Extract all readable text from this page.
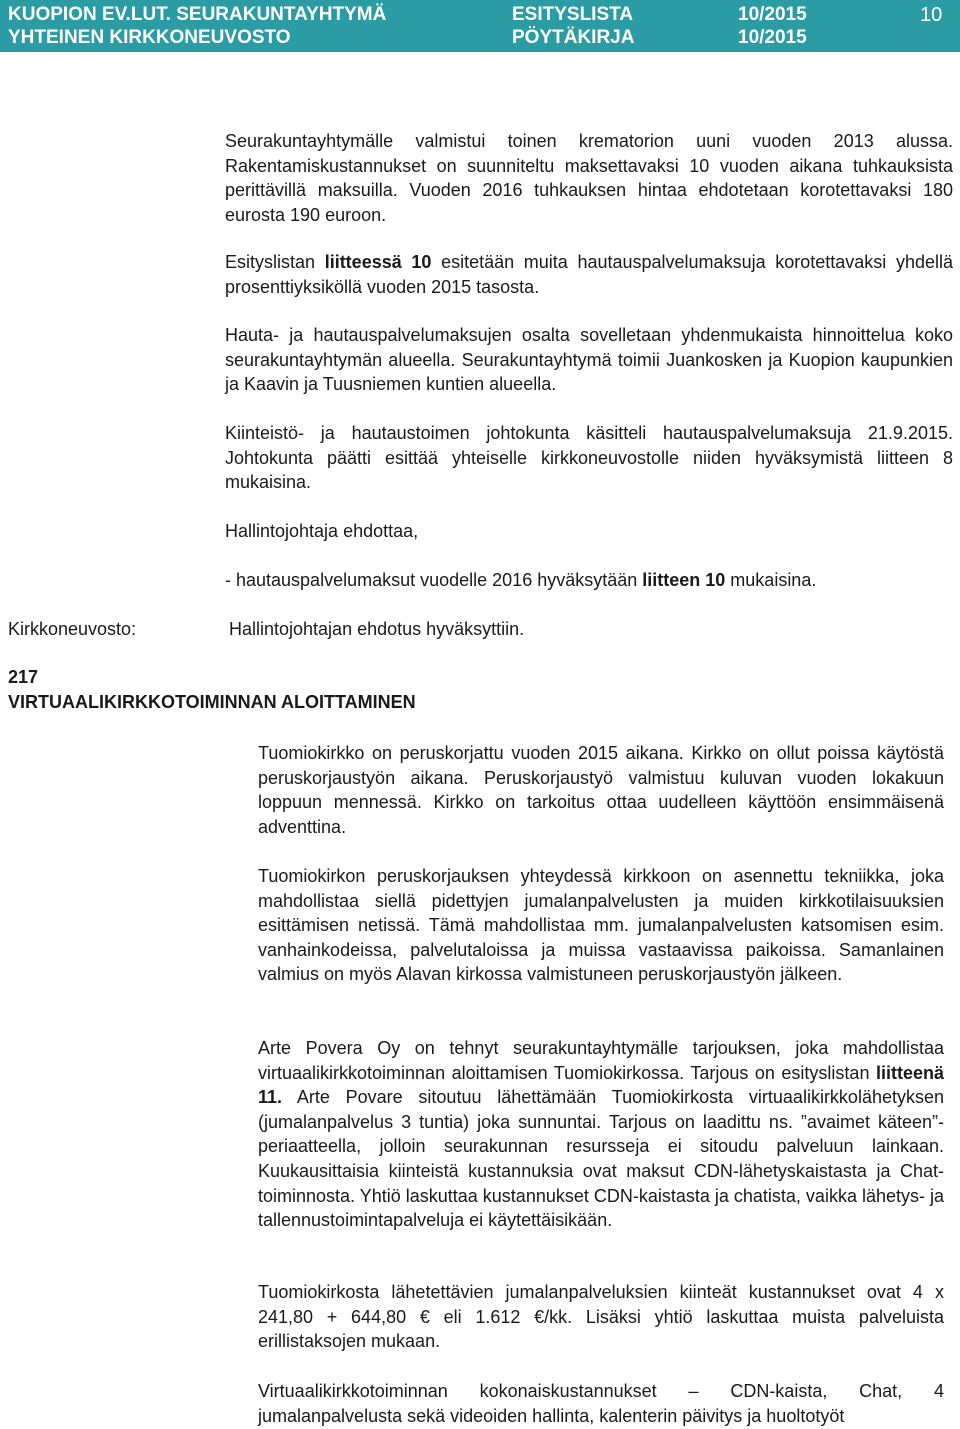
KUOPION EV.LUT. SEURAKUNTAYHTYMÄ
YHTEINEN KIRKKONEUVOSTO
ESITYSLISTA
PÖYTÄKIRJA
10/2015
10/2015
10

Seurakuntayhtymälle valmistui toinen krematorion uuni vuoden 2013 alussa. Rakentamiskustannukset on suunniteltu maksettavaksi 10 vuoden aikana tuhkauksista perittävillä maksuilla. Vuoden 2016 tuhkauksen hintaa ehdotetaan korotettavaksi 180 eurosta 190 euroon.

Esityslistan liitteessä 10 esitetään muita hautauspalvelumaksuja korotettavaksi yhdellä prosenttiyksiköllä vuoden 2015 tasosta.

Hauta- ja hautauspalvelumaksujen osalta sovelletaan yhdenmukaista hinnoittelua koko seurakuntayhtymän alueella. Seurakuntayhtymä toimii Juankosken ja Kuopion kaupunkien ja Kaavin ja Tuusniemen kuntien alueella.

Kiinteistö- ja hautaustoimen johtokunta käsitteli hautauspalvelumaksuja 21.9.2015. Johtokunta päätti esittää yhteiselle kirkkoneuvostolle niiden hyväksymistä liitteen 8 mukaisina.

Hallintojohtaja ehdottaa,

- hautauspalvelumaksut vuodelle 2016 hyväksytään liitteen 10 mukaisina.

Kirkkoneuvosto:	Hallintojohtajan ehdotus hyväksyttiin.
217
VIRTUAALIKIRKKOTOIMINNAN ALOITTAMINEN

Tuomiokirkko on peruskorjattu vuoden 2015 aikana. Kirkko on ollut poissa käytöstä peruskorjaustyön aikana. Peruskorjaustyö valmistuu kuluvan vuoden lokakuun loppuun mennessä. Kirkko on tarkoitus ottaa uudelleen käyttöön ensimmäisenä adventtina.

Tuomiokirkon peruskorjauksen yhteydessä kirkkoon on asennettu tekniikka, joka mahdollistaa siellä pidettyjen jumalanpalvelusten ja muiden kirkkotilaisuuksien esittämisen netissä. Tämä mahdollistaa mm. jumalanpalvelusten katsomisen esim. vanhainkodeissa, palvelutaloissa ja muissa vastaavissa paikoissa. Samanlainen valmius on myös Alavan kirkossa valmistuneen peruskorjaustyön jälkeen.

Arte Povera Oy on tehnyt seurakuntayhtymälle tarjouksen, joka mahdollistaa virtuaalikirkkotoiminnan aloittamisen Tuomiokirkossa. Tarjous on esityslistan liitteenä 11. Arte Povare sitoutuu lähettämään Tuomiokirkosta virtuaalikirkkolähetyksen (jumalanpalvelus 3 tuntia) joka sunnuntai. Tarjous on laadittu ns. ”avaimet käteen”-periaatteella, jolloin seurakunnan resursseja ei sitoudu palveluun lainkaan. Kuukausittaisia kiinteistä kustannuksia ovat maksut CDN-lähetyskaistasta ja Chat-toiminnosta. Yhtiö laskuttaa kustannukset CDN-kaistasta ja chatista, vaikka lähetys- ja tallennustoimintapalveluja ei käytettäisikään.

Tuomiokirkosta lähetettävien jumalanpalveluksien kiinteät kustannukset ovat 4 x 241,80 + 644,80 € eli 1.612 €/kk. Lisäksi yhtiö laskuttaa muista palveluista erillistaksojen mukaan.

Virtuaalikirkkotoiminnan kokonaiskustannukset – CDN-kaista, Chat, 4 jumalanpalvelusta sekä videoiden hallinta, kalenterin päivitys ja huoltotyöt
